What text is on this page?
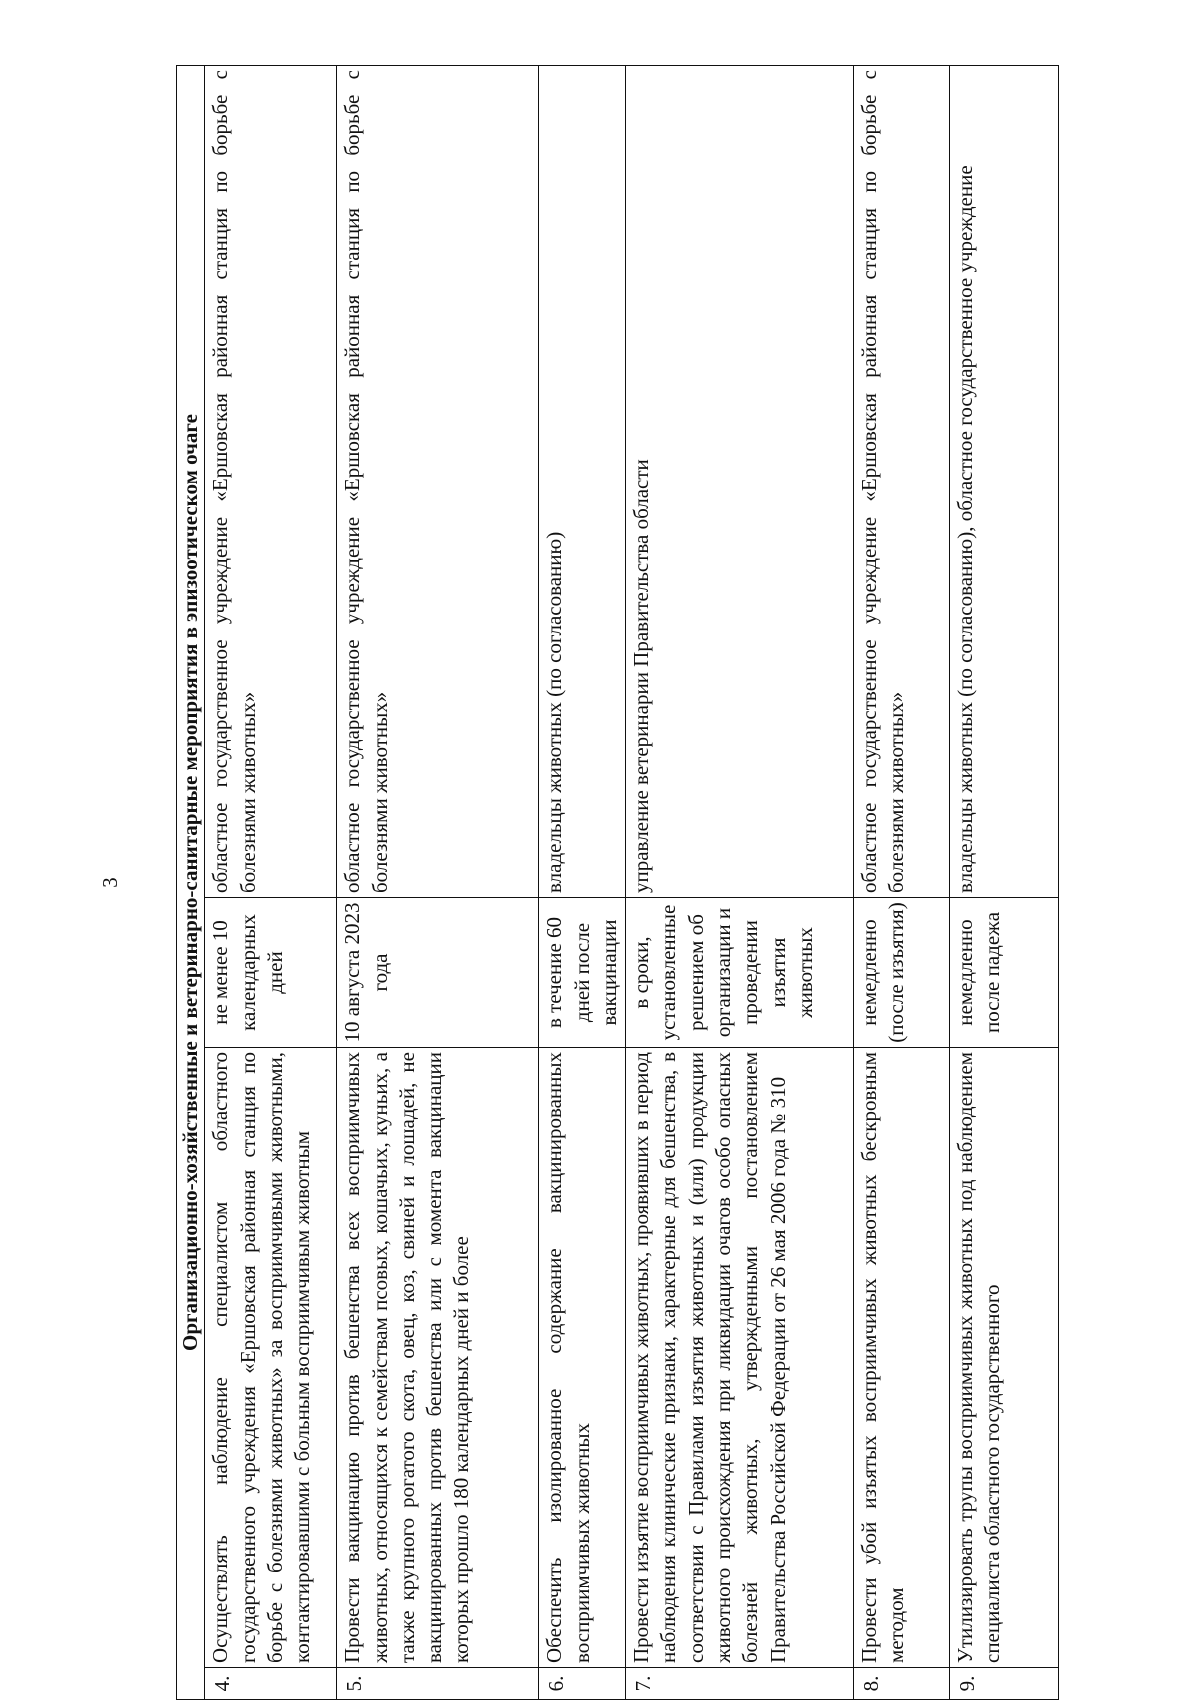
3	Организационно-хозяйственные и ветеринарно-санитарные мероприятия в эпизоотическом очаге			
4.	Осуществлять наблюдение специалистом областного государственного учреждения «Ершовская районная станция по борьбе с болезнями животных» за восприимчивыми животными, контактировавшими с больным восприимчивым животным	не менее 10 календарных дней	областное государственное учреждение «Ершовская районная станция по борьбе с болезнями животных»
5.	Провести вакцинацию против бешенства всех восприимчивых животных, относящихся к семействам псовых, кошачьих, куньих, а также крупного рогатого скота, овец, коз, свиней и лошадей, не вакцинированных против бешенства или с момента вакцинации которых прошло 180 календарных дней и более	10 августа 2023 года	областное государственное учреждение «Ершовская районная станция по борьбе с болезнями животных»
6.	Обеспечить изолированное содержание вакцинированных восприимчивых животных	в течение 60 дней после вакцинации	владельцы животных (по согласованию)
7.	Провести изъятие восприимчивых животных, проявивших в период наблюдения клинические признаки, характерные для бешенства, в соответствии с Правилами изъятия животных и (или) продукции животного происхождения при ликвидации очагов особо опасных болезней животных, утвержденными постановлением Правительства Российской Федерации от 26 мая 2006 года № 310	в сроки, установленные решением об организации и проведении изъятия животных	управление ветеринарии Правительства области
8.	Провести убой изъятых восприимчивых животных бескровным методом	немедленно (после изъятия)	областное государственное учреждение «Ершовская районная станция по борьбе с болезнями животных»
9.	Утилизировать трупы восприимчивых животных под наблюдением специалиста областного государственного	немедленно после падежа	владельцы животных (по согласованию), областное государственное учреждение
